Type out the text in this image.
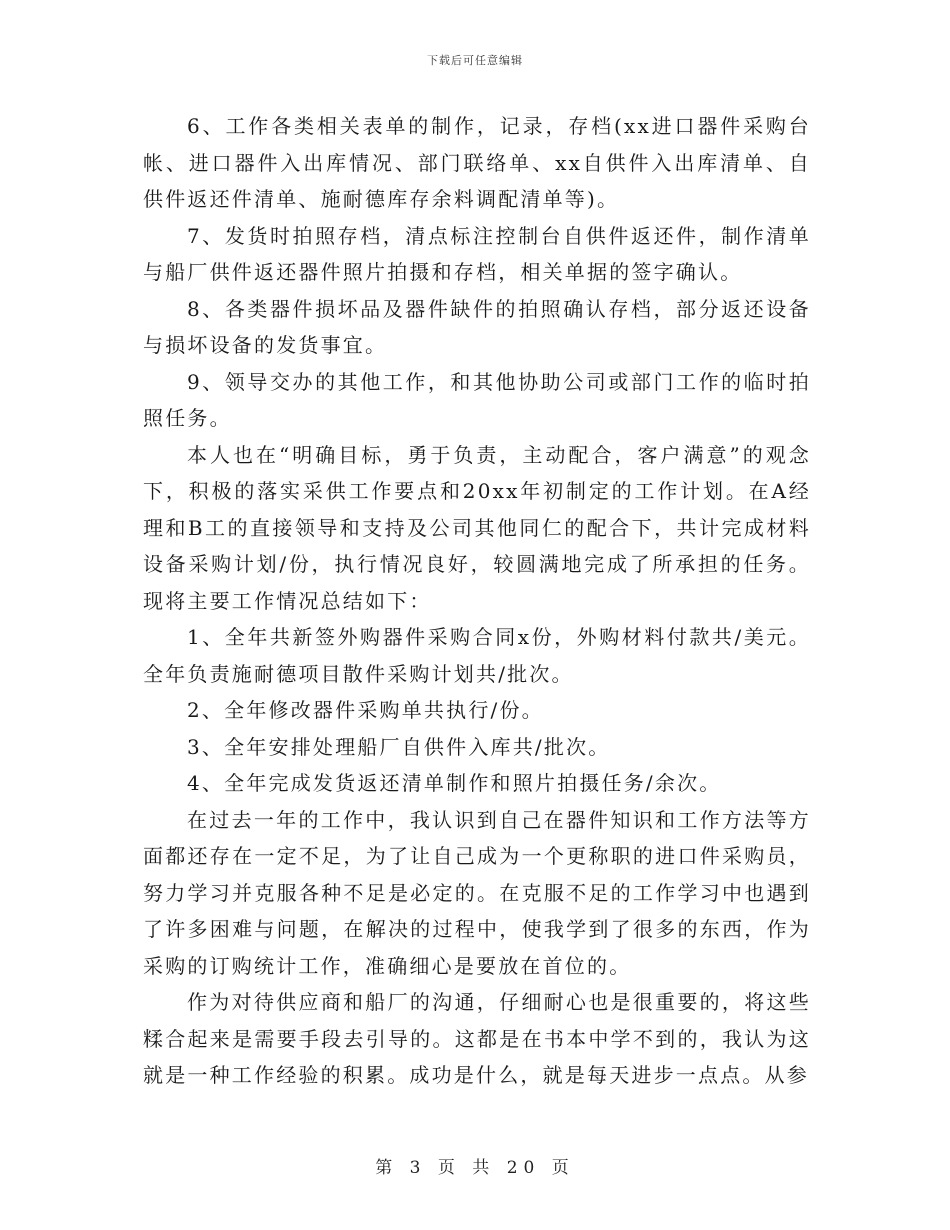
下载后可任意编辑

6、工作各类相关表单的制作，记录，存档(xx进口器件采购台帐、进口器件入出库情况、部门联络单、xx自供件入出库清单、自供件返还件清单、施耐德库存余料调配清单等)。

7、发货时拍照存档，清点标注控制台自供件返还件，制作清单与船厂供件返还器件照片拍摄和存档，相关单据的签字确认。

8、各类器件损坏品及器件缺件的拍照确认存档，部分返还设备与损坏设备的发货事宜。

9、领导交办的其他工作，和其他协助公司或部门工作的临时拍照任务。

本人也在“明确目标，勇于负责，主动配合，客户满意”的观念下，积极的落实采供工作要点和20xx年初制定的工作计划。在A经理和B工的直接领导和支持及公司其他同仁的配合下，共计完成材料设备采购计划/份，执行情况良好，较圆满地完成了所承担的任务。现将主要工作情况总结如下：

1、全年共新签外购器件采购合同x份，外购材料付款共/美元。全年负责施耐德项目散件采购计划共/批次。

2、全年修改器件采购单共执行/份。

3、全年安排处理船厂自供件入库共/批次。

4、全年完成发货返还清单制作和照片拍摄任务/余次。

在过去一年的工作中，我认识到自己在器件知识和工作方法等方面都还存在一定不足，为了让自己成为一个更称职的进口件采购员，努力学习并克服各种不足是必定的。在克服不足的工作学习中也遇到了许多困难与问题，在解决的过程中，使我学到了很多的东西，作为采购的订购统计工作，准确细心是要放在首位的。

作为对待供应商和船厂的沟通，仔细耐心也是很重要的，将这些糅合起来是需要手段去引导的。这都是在书本中学不到的，我认为这就是一种工作经验的积累。成功是什么，就是每天进步一点点。从参

第 3 页 共 20 页
